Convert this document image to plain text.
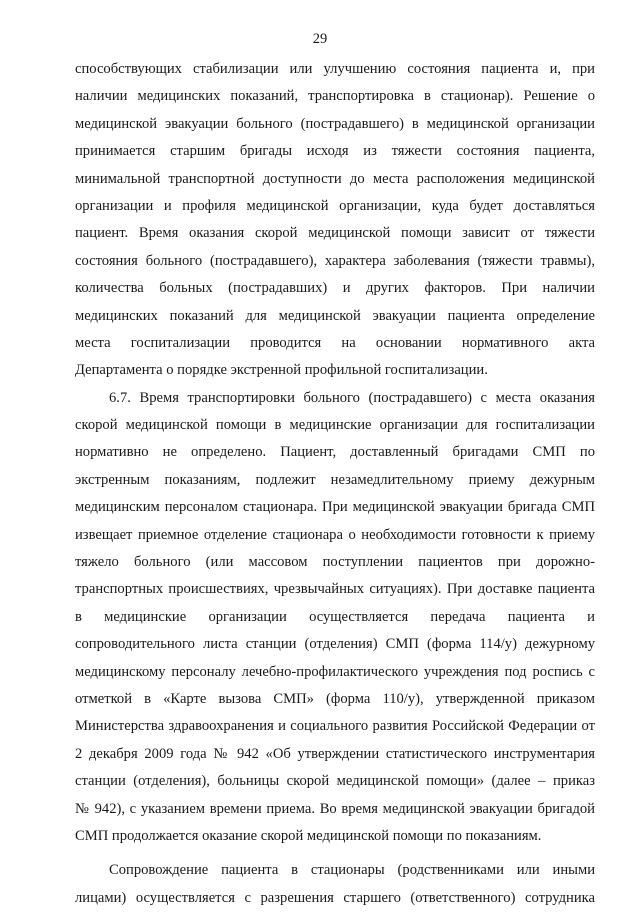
29
способствующих стабилизации или улучшению состояния пациента и, при
наличии медицинских показаний, транспортировка в стационар). Решение о
медицинской эвакуации больного (пострадавшего) в медицинской организации
принимается старшим бригады исходя из тяжести состояния пациента,
минимальной транспортной доступности до места расположения медицинской
организации и профиля медицинской организации, куда будет доставляться
пациент. Время оказания скорой медицинской помощи зависит от тяжести
состояния больного (пострадавшего), характера заболевания (тяжести травмы),
количества больных (пострадавших) и других факторов. При наличии
медицинских показаний для медицинской эвакуации пациента определение
места госпитализации проводится на основании нормативного акта
Департамента о порядке экстренной профильной госпитализации.
6.7. Время транспортировки больного (пострадавшего) с места оказания
скорой медицинской помощи в медицинские организации для госпитализации
нормативно не определено. Пациент, доставленный бригадами СМП по
экстренным показаниям, подлежит незамедлительному приему дежурным
медицинским персоналом стационара. При медицинской эвакуации бригада СМП
извещает приемное отделение стационара о необходимости готовности к приему
тяжело больного (или массовом поступлении пациентов при дорожно-
транспортных происшествиях, чрезвычайных ситуациях). При доставке пациента
в медицинские организации осуществляется передача пациента и
сопроводительного листа станции (отделения) СМП (форма 114/у) дежурному
медицинскому персоналу лечебно-профилактического учреждения под роспись с
отметкой в «Карте вызова СМП» (форма 110/у), утвержденной приказом
Министерства здравоохранения и социального развития Российской Федерации от
2 декабря 2009 года № 942 «Об утверждении статистического инструментария
станции (отделения), больницы скорой медицинской помощи» (далее – приказ
№ 942), с указанием времени приема. Во время медицинской эвакуации бригадой
СМП продолжается оказание скорой медицинской помощи по показаниям.
Сопровождение пациента в стационары (родственниками или иными
лицами) осуществляется с разрешения старшего (ответственного) сотрудника
